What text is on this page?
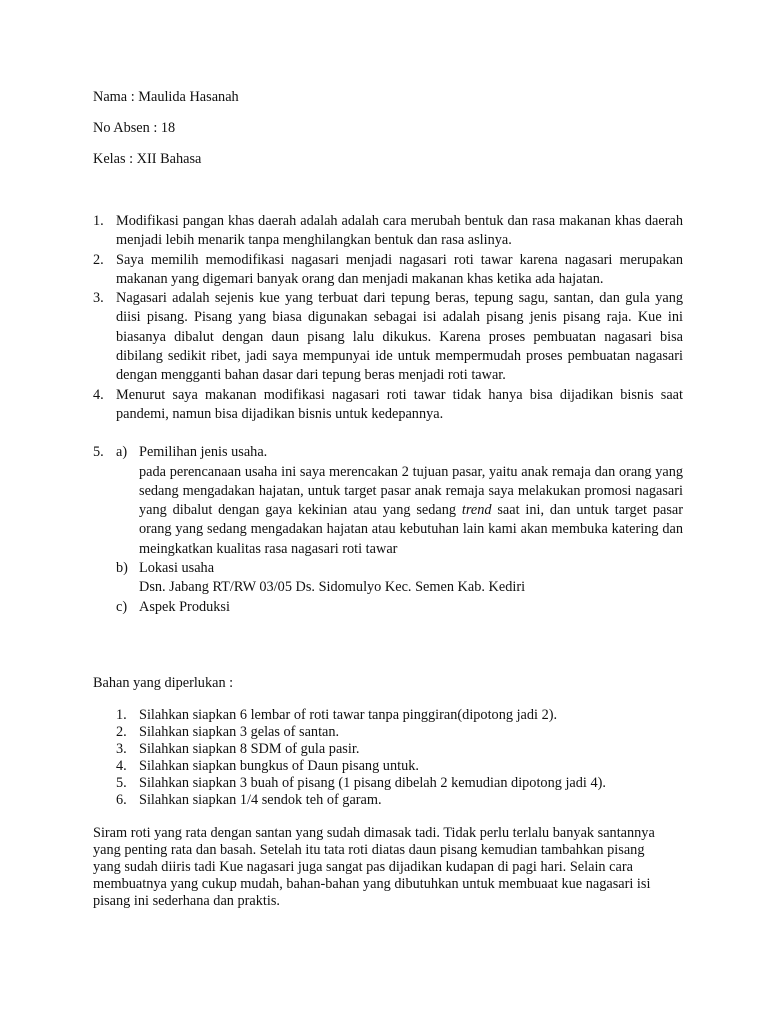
Nama : Maulida Hasanah
No Absen : 18
Kelas : XII Bahasa
1. Modifikasi pangan khas daerah adalah adalah cara merubah bentuk dan rasa makanan khas daerah menjadi lebih menarik tanpa menghilangkan bentuk dan rasa aslinya.
2. Saya memilih memodifikasi nagasari menjadi nagasari roti tawar karena nagasari merupakan makanan yang digemari banyak orang dan menjadi makanan khas ketika ada hajatan.
3. Nagasari adalah sejenis kue yang terbuat dari tepung beras, tepung sagu, santan, dan gula yang diisi pisang. Pisang yang biasa digunakan sebagai isi adalah pisang jenis pisang raja. Kue ini biasanya dibalut dengan daun pisang lalu dikukus. Karena proses pembuatan nagasari bisa dibilang sedikit ribet, jadi saya mempunyai ide untuk mempermudah proses pembuatan nagasari dengan mengganti bahan dasar dari tepung beras menjadi roti tawar.
4. Menurut saya makanan modifikasi nagasari roti tawar tidak hanya bisa dijadikan bisnis saat pandemi, namun bisa dijadikan bisnis untuk kedepannya.
5. a) Pemilihan jenis usaha.
pada perencanaan usaha ini saya merencakan 2 tujuan pasar, yaitu anak remaja dan orang yang sedang mengadakan hajatan, untuk target pasar anak remaja saya melakukan promosi nagasari yang dibalut dengan gaya kekinian atau yang sedang trend saat ini, dan untuk target pasar orang yang sedang mengadakan hajatan atau kebutuhan lain kami akan membuka katering dan meingkatkan kualitas rasa nagasari roti tawar
b) Lokasi usaha
Dsn. Jabang RT/RW 03/05 Ds. Sidomulyo Kec. Semen Kab. Kediri
c) Aspek Produksi
Bahan yang diperlukan :
1. Silahkan siapkan 6 lembar of roti tawar tanpa pinggiran(dipotong jadi 2).
2. Silahkan siapkan 3 gelas of santan.
3. Silahkan siapkan 8 SDM of gula pasir.
4. Silahkan siapkan bungkus of Daun pisang untuk.
5. Silahkan siapkan 3 buah of pisang (1 pisang dibelah 2 kemudian dipotong jadi 4).
6. Silahkan siapkan 1/4 sendok teh of garam.

Siram roti yang rata dengan santan yang sudah dimasak tadi. Tidak perlu terlalu banyak santannya yang penting rata dan basah. Setelah itu tata roti diatas daun pisang kemudian tambahkan pisang yang sudah diiris tadi Kue nagasari juga sangat pas dijadikan kudapan di pagi hari. Selain cara membuatnya yang cukup mudah, bahan-bahan yang dibutuhkan untuk membuaat kue nagasari isi pisang ini sederhana dan praktis.
